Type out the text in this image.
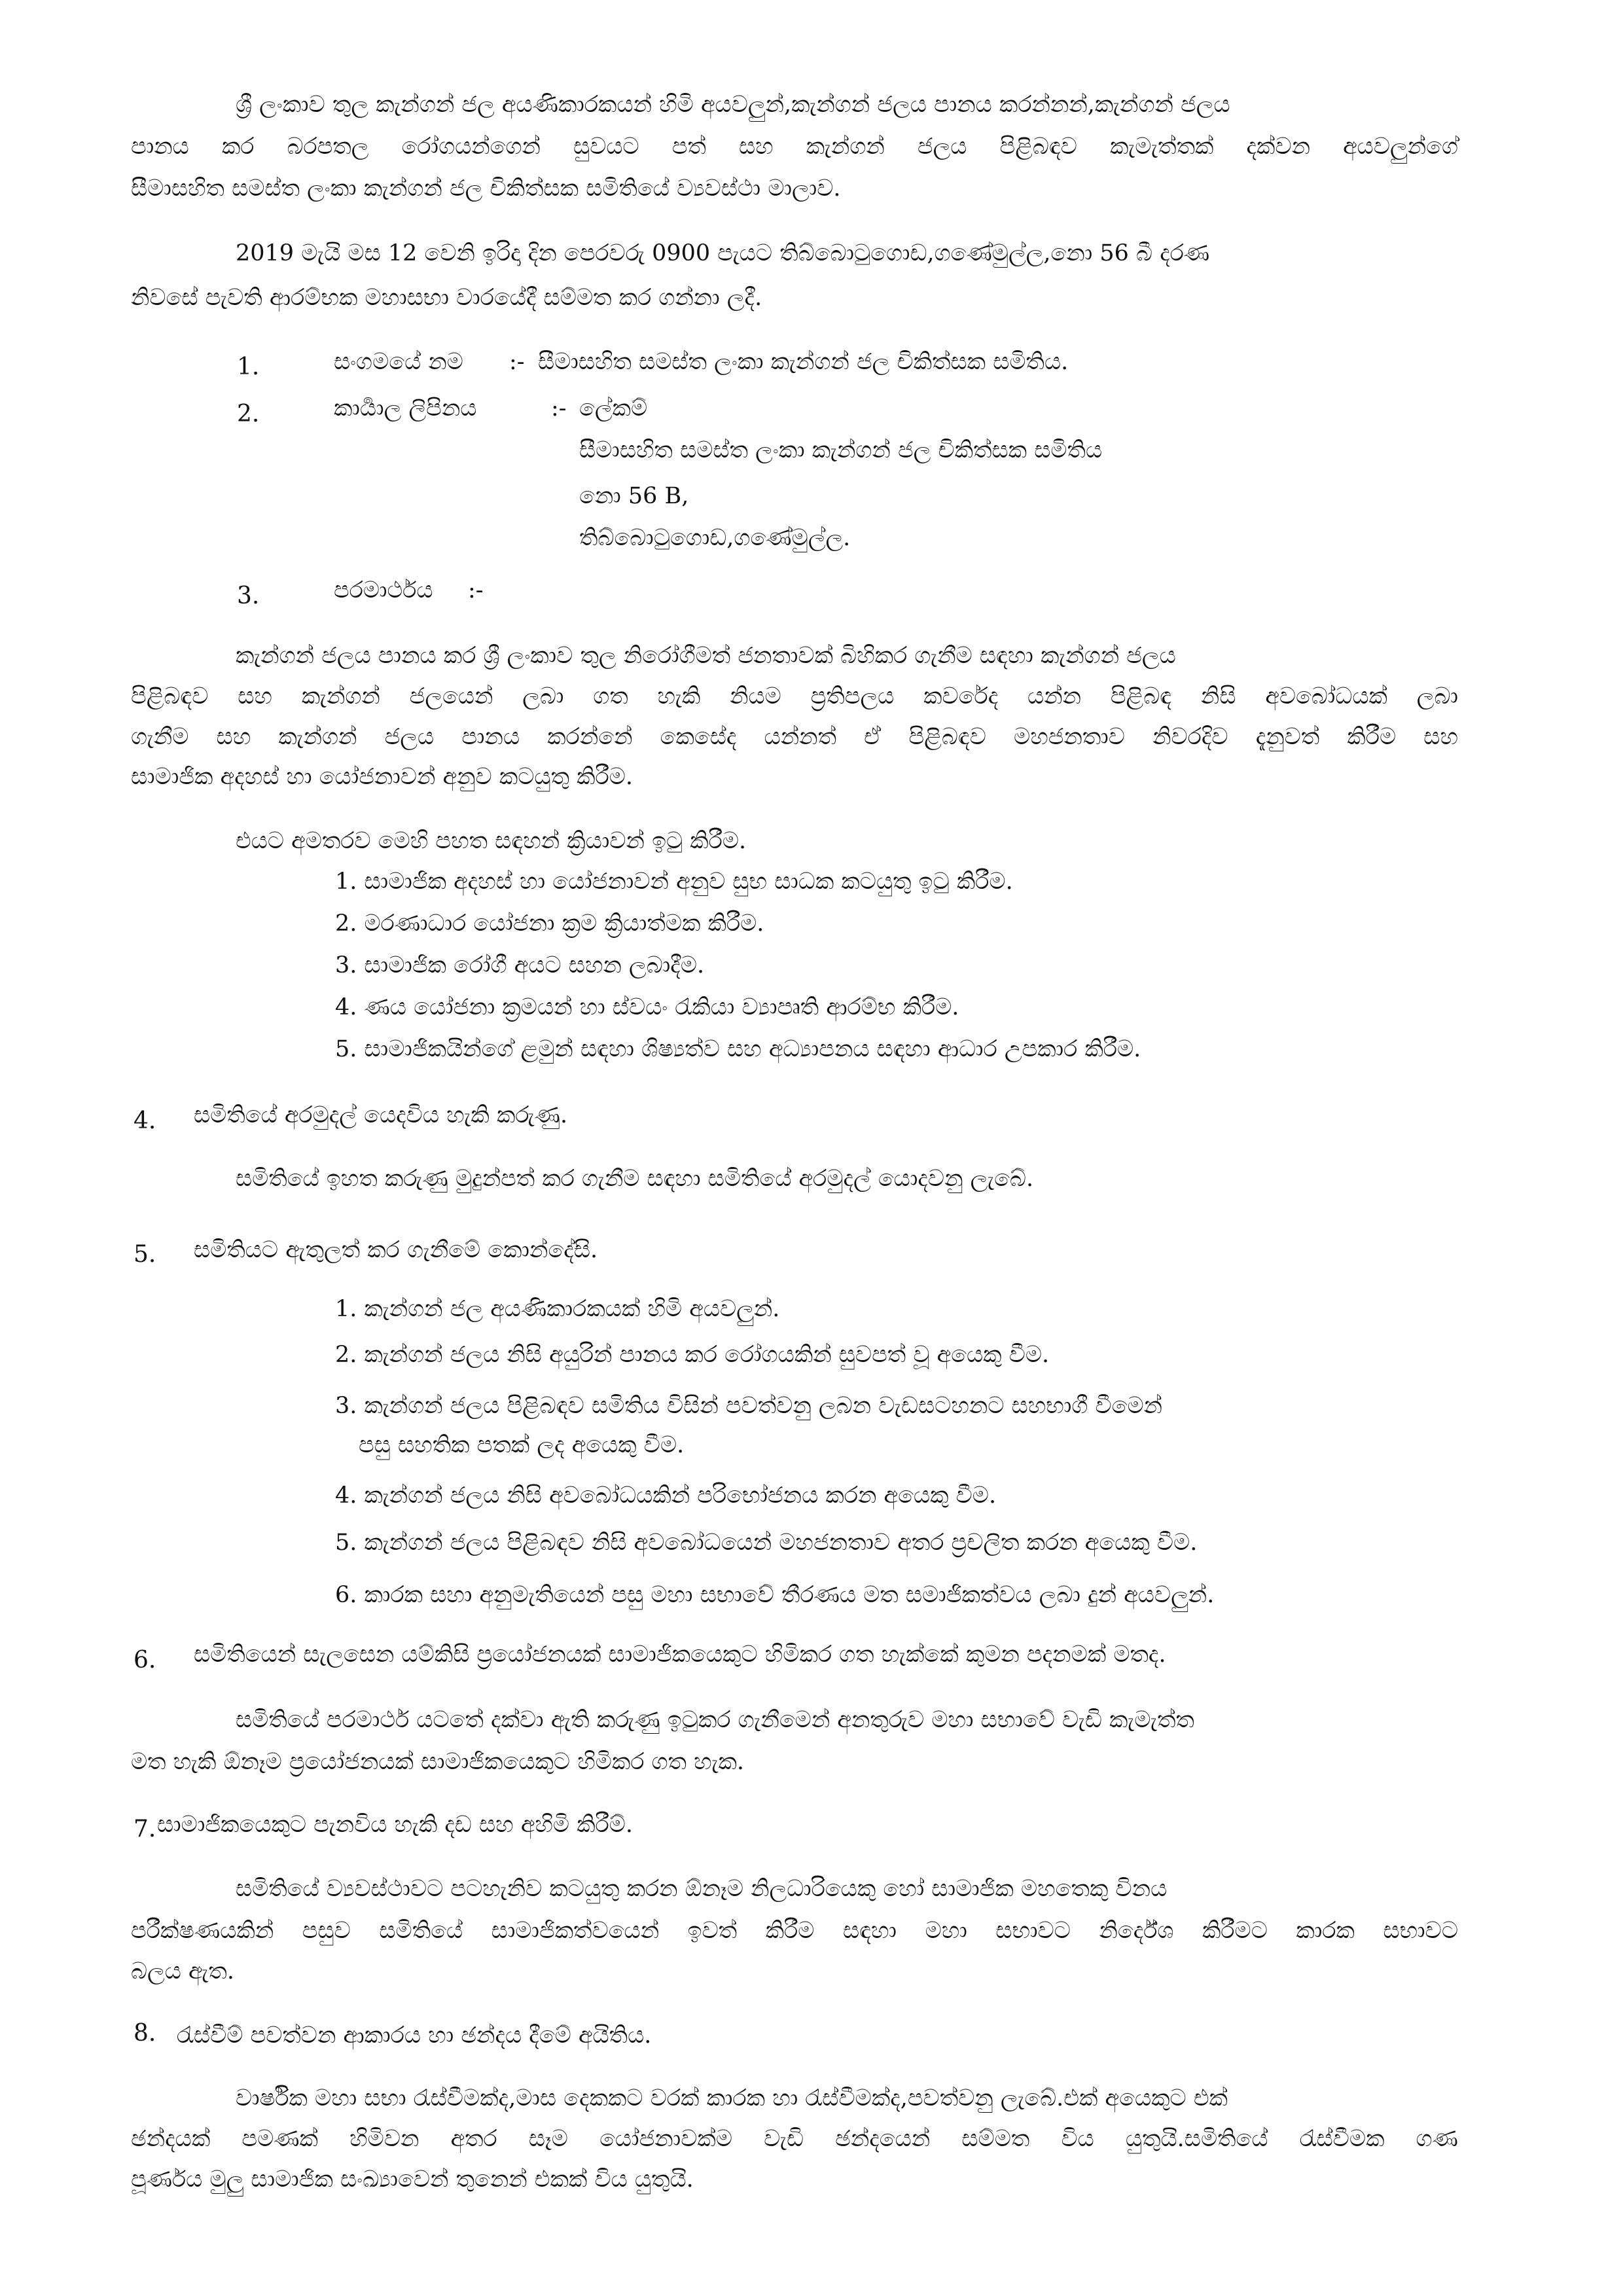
ශ්‍රී ලංකාව තුල කැන්ගන් ජල අයණිකාරකයන් හිමි අයවලුන්,කැන්ගන් ජලය පානය කරන්නන්,කැන්ගන් ජලය
පානය කර බරපතල රෝගයන්ගෙන් සුවයට පත් සහ කැන්ගන් ජලය පිළිබඳව කැමැත්තක් දක්වන අයවලුන්ගේ
සීමාසහිත සමස්ත ලංකා කැන්ගන් ජල චිකිත්සක සමිතියේ ව්‍යවස්ථා මාලාව.
2019 මැයි මස 12 වෙනි ඉරිදා දින පෙරවරු 0900 පැයට තිබ්බොටුගොඩ,ගණේමුල්ල,නො 56 බී දරණ
නිවසේ පැවති ආරම්භක මහාසභා වාරයේදී සම්මත කර ගන්නා ලදී.
1.	සංගමයේ නම :- සීමාසහිත සමස්ත ලංකා කැන්ගන් ජල චිකිත්සක සමිතිය.
2.	කාර්‍යාල ලිපිනය	:- ලේකම්
සීමාසහිත සමස්ත ලංකා කැන්ගන් ජල චිකිත්සක සමිතිය
නො 56 B,
තිබ්බොටුගොඩ,ගණේමුල්ල.
3.	පරමාර්ථය :-
කැන්ගන් ජලය පානය කර ශ්‍රී ලංකාව තුල නිරෝගීමත් ජනතාවක් බිහිකර ගැනීම සඳහා කැන්ගන් ජලය
පිළිබඳව සහ කැන්ගන් ජලයෙන් ලබා ගත හැකි නියම ප්‍රතිපලය කවරේද යන්න පිළිබඳ නිසි අවබෝධයක් ලබා
ගැනීම සහ කැන්ගන් ජලය පානය කරන්නේ කෙසේද යන්නත් ඒ පිළිබඳව මහජනතාව නිවරදිව දැනුවත් කිරීම සහ
සාමාජික අදහස් හා යෝජනාවන් අනුව කටයුතු කිරීම.
එයට අමතරව මෙහි පහත සඳහන් ක්‍රියාවන් ඉටු කිරීම.
1. සාමාජික අදහස් හා යෝජනාවන් අනුව සුභ සාධක කටයුතු ඉටු කිරීම.
2. මරණාධාර යෝජනා ක්‍රම ක්‍රියාත්මක කිරීම.
3. සාමාජික රෝගී අයට සහන ලබාදීම.
4. ණය යෝජනා ක්‍රමයන් හා ස්වයං රැකියා ව්‍යාපෘති ආරම්භ කිරීම.
5. සාමාජිකයින්ගේ ළමුන් සඳහා ශිෂ්‍යත්ව සහ අධ්‍යාපනය සඳහා ආධාර උපකාර කිරීම.
4. සමිතියේ අරමුදල් යෙදවිය හැකි කරුණු.
සමිතියේ ඉහත කරුණු මුදුන්පත් කර ගැනීම සඳහා සමිතියේ අරමුදල් යොදවනු ලැබේ.
5. සමිතියට ඇතුලත් කර ගැනීමේ කොන්දේසි.
1. කැන්ගන් ජල අයණිකාරකයක් හිමි අයවලුන්.
2. කැන්ගන් ජලය නිසි අයුරින් පානය කර රෝගයකින් සුවපත් වූ අයෙකු වීම.
3. කැන්ගන් ජලය පිළිබඳව සමිතිය විසින් පවත්වනු ලබන වැඩසටහනට සහභාගී වීමෙන්
පසු සහතික පතක් ලද අයෙකු වීම.
4. කැන්ගන් ජලය නිසි අවබෝධයකින් පරිභෝජනය කරන අයෙකු වීම.
5. කැන්ගන් ජලය පිළිබඳව නිසි අවබෝධයෙන් මහජනතාව අතර ප්‍රචලිත කරන අයෙකු වීම.
6. කාරක සහා අනුමැතියෙන් පසු මහා සභාවේ තීරණය මත සමාජිකත්වය ලබා දුන් අයවලුන්.
6. සමිතියෙන් සැලසෙන යම්කිසි ප්‍රයෝජනයක් සාමාජිකයෙකුට හිමිකර ගත හැක්කේ කුමන පදනමක් මතද.
සමිතියේ පරමාර්ථ යටතේ දක්වා ඇති කරුණු ඉටුකර ගැනීමෙන් අනතුරුව මහා සභාවේ වැඩි කැමැත්ත
මත හැකි ඕනෑම ප්‍රයෝජනයක් සාමාජිකයෙකුට හිමිකර ගත හැක.
7. සාමාජිකයෙකුට පැනවිය හැකි දඩ සහ අහිමි කිරීම්.
සමිතියේ ව්‍යවස්ථාවට පටහැනිව කටයුතු කරන ඕනෑම නිලධාරියෙකු හෝ සාමාජික මහතෙකු විනය
පරීක්ෂණයකින් පසුව සමිතියේ සාමාජිකත්වයෙන් ඉවත් කිරීම සඳහා මහා සභාවට නිර්දේශ කිරීමට කාරක සභාවට
බලය ඇත.
8. රැස්වීම් පවත්වන ආකාරය හා ඡන්දය දීමේ අයිතිය.
වාර්ෂික මහා සභා රැස්වීමක්ද,මාස දෙකකට වරක් කාරක හා රැස්වීමක්ද,පවත්වනු ලැබේ.එක් අයෙකුට එක්
ඡන්දයක් පමණක් හිමිවන අතර සෑම යෝජනාවක්ම වැඩි ඡන්දයෙන් සම්මත විය යුතුයි.සමිතියේ රැස්වීමක ගණ
පූර්ණය මුලු සාමාජික සංඛ්‍යාවෙන් තුනෙන් එකක් විය යුතුයි.
